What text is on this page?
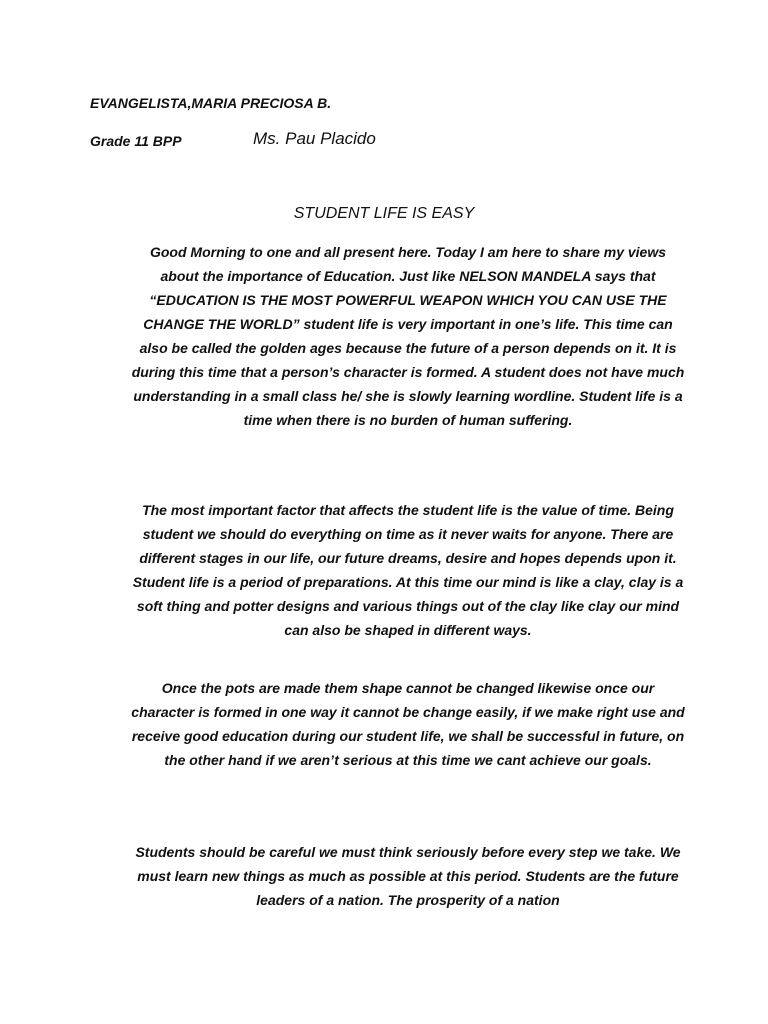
EVANGELISTA,MARIA PRECIOSA B.
Grade 11 BPP	Ms. Pau Placido
STUDENT LIFE IS EASY
Good Morning to one and all present here. Today I am here to share my views about the importance of Education. Just like NELSON MANDELA says that “EDUCATION IS THE MOST POWERFUL WEAPON WHICH YOU CAN USE THE CHANGE THE WORLD” student life is very important in one’s life. This time can also be called the golden ages because the future of a person depends on it. It is during this time that a person’s character is formed. A student does not have much understanding in a small class he/ she is slowly learning wordline. Student life is a time when there is no burden of human suffering.
The most important factor that affects the student life is the value of time. Being student we should do everything on time as it never waits for anyone. There are different stages in our life, our future dreams, desire and hopes depends upon it. Student life is a period of preparations. At this time our mind is like a clay, clay is a soft thing and potter designs and various things out of the clay like clay our mind can also be shaped in different ways.
Once the pots are made them shape cannot be changed likewise once our character is formed in one way it cannot be change easily, if we make right use and receive good education during our student life, we shall be successful in future, on the other hand if we aren’t serious at this time we cant achieve our goals.
Students should be careful we must think seriously before every step we take. We must learn new things as much as possible at this period. Students are the future leaders of a nation. The prosperity of a nation
